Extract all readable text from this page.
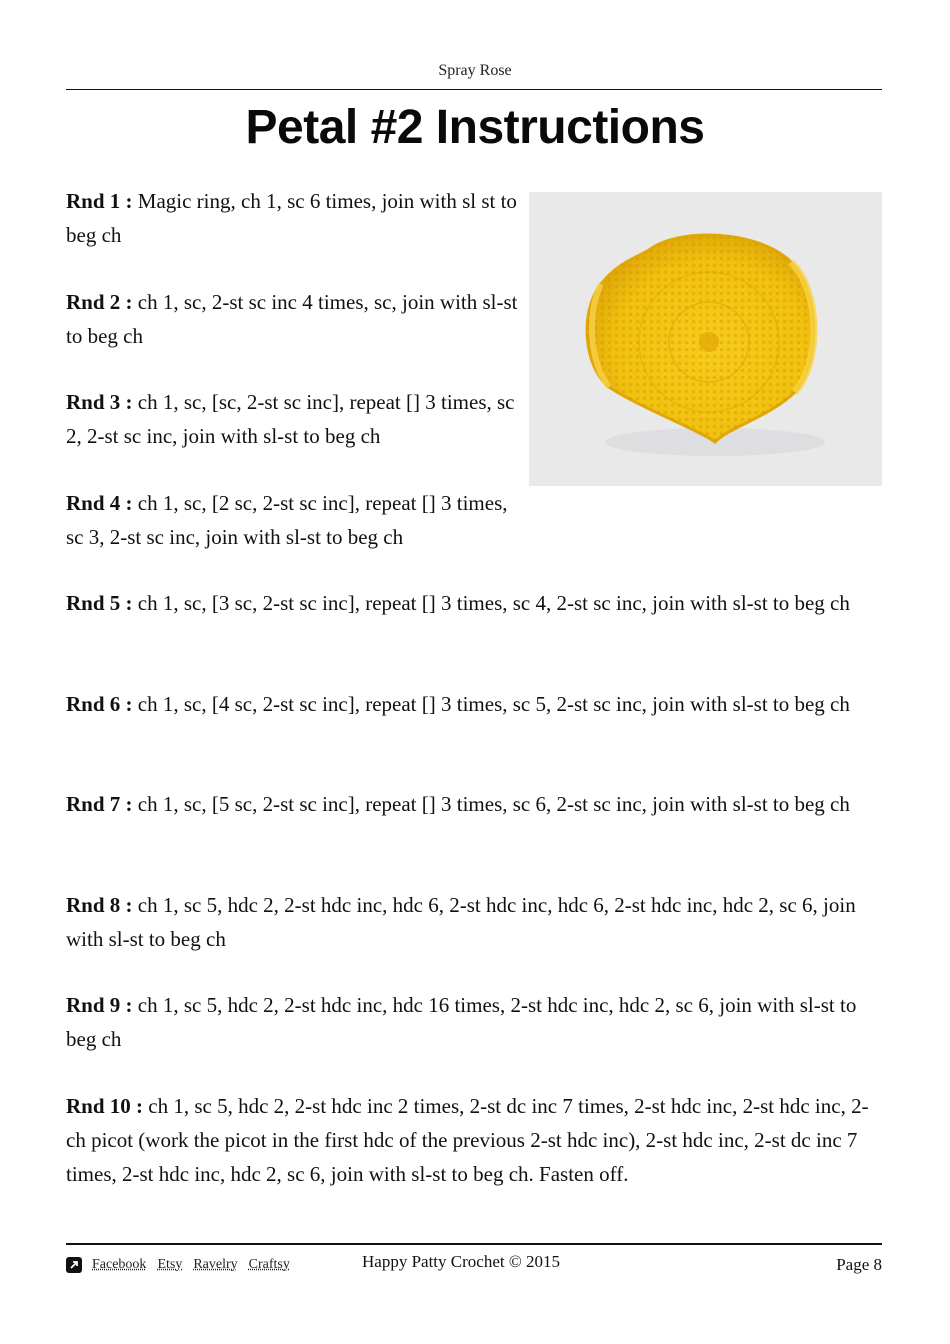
Spray Rose
Petal #2 Instructions

Rnd 1 : Magic ring, ch 1, sc 6 times, join with sl st to beg ch

Rnd 2 : ch 1, sc, 2-st sc inc 4 times, sc, join with sl-st to beg ch

Rnd 3 : ch 1, sc, [sc, 2-st sc inc], repeat [] 3 times, sc 2, 2-st sc inc, join with sl-st to beg ch

Rnd 4 : ch 1, sc, [2 sc, 2-st sc inc], repeat [] 3 times, sc 3, 2-st sc inc, join with sl-st to beg ch

Rnd 5 : ch 1, sc, [3 sc, 2-st sc inc], repeat [] 3 times, sc 4, 2-st sc inc, join with sl-st to beg ch

Rnd 6 : ch 1, sc, [4 sc, 2-st sc inc], repeat [] 3 times, sc 5, 2-st sc inc, join with sl-st to beg ch

Rnd 7 : ch 1, sc, [5 sc, 2-st sc inc], repeat [] 3 times, sc 6, 2-st sc inc, join with sl-st to beg ch

Rnd 8 : ch 1, sc 5, hdc 2, 2-st hdc inc, hdc 6, 2-st hdc inc, hdc 6, 2-st hdc inc, hdc 2, sc 6, join with sl-st to beg ch

Rnd 9 : ch 1, sc 5, hdc 2, 2-st hdc inc, hdc 16 times, 2-st hdc inc, hdc 2, sc 6, join with sl-st to beg ch

Rnd 10 : ch 1, sc 5, hdc 2, 2-st hdc inc 2 times, 2-st dc inc 7 times, 2-st hdc inc, 2-st hdc inc, 2-ch picot (work the picot in the first hdc of the previous 2-st hdc inc), 2-st hdc inc, 2-st dc inc 7 times, 2-st hdc inc, hdc 2, sc 6, join with sl-st to beg ch. Fasten off.

Facebook Etsy Ravelry Craftsy	Happy Patty Crochet © 2015	Page 8
